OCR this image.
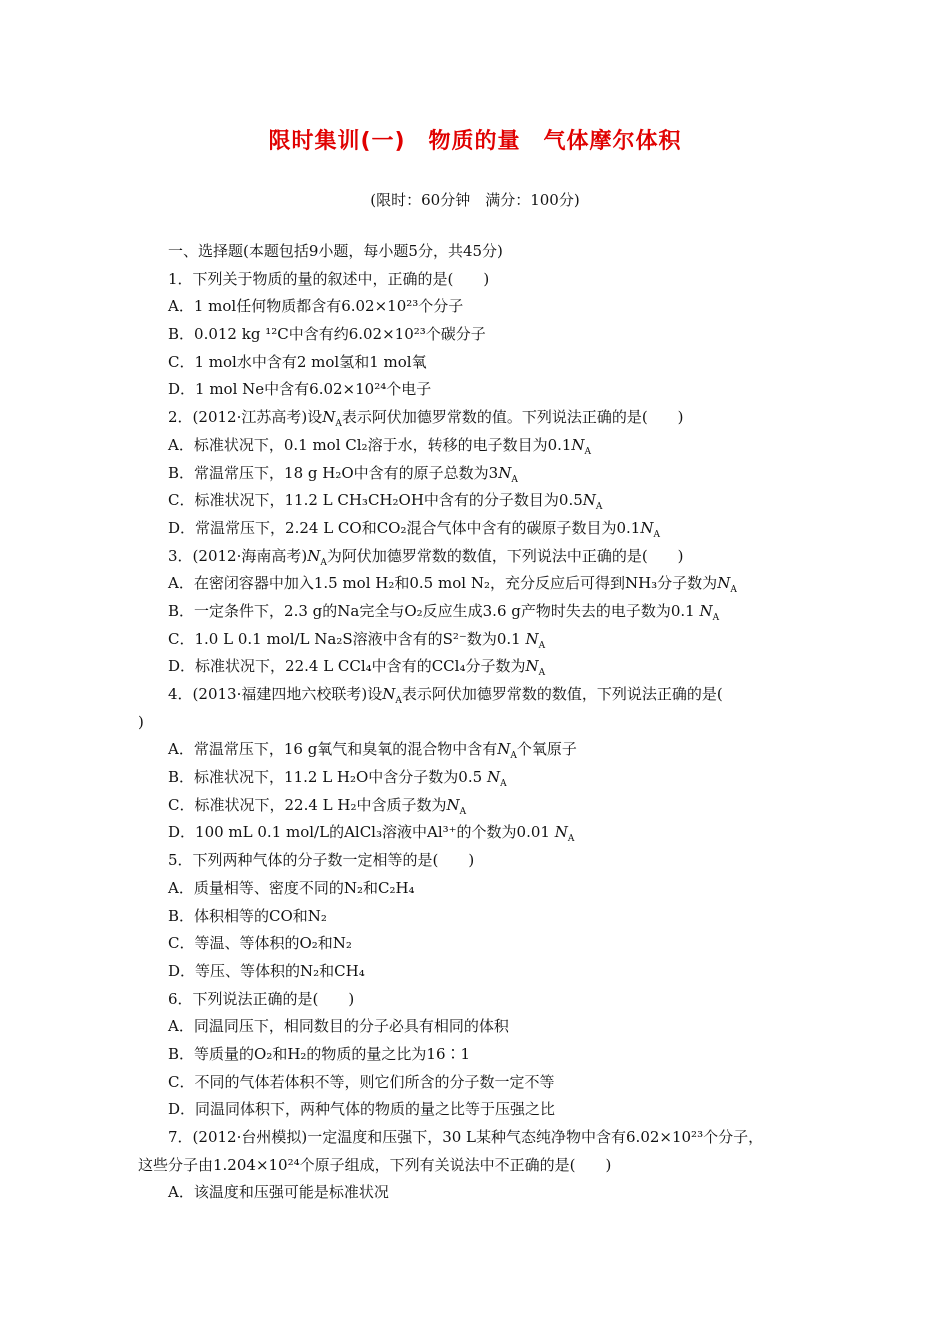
限时集训(一)　物质的量　气体摩尔体积
(限时：60分钟　满分：100分)
一、选择题(本题包括9小题，每小题5分，共45分)
1．下列关于物质的量的叙述中，正确的是(　　)
A．1 mol任何物质都含有6.02×10²³个分子
B．0.012 kg ¹²C中含有约6.02×10²³个碳分子
C．1 mol水中含有2 mol氢和1 mol氧
D．1 mol Ne中含有6.02×10²⁴个电子
2．(2012·江苏高考)设$N_A$表示阿伏加德罗常数的值。下列说法正确的是(　　)
A．标准状况下，0.1 mol Cl₂溶于水，转移的电子数目为$0.1N_A$
B．常温常压下，18 g H₂O中含有的原子总数为$3N_A$
C．标准状况下，11.2 L CH₃CH₂OH中含有的分子数目为$0.5N_A$
D．常温常压下，2.24 L CO和CO₂混合气体中含有的碳原子数目为$0.1N_A$
3．(2012·海南高考)$N_A$为阿伏加德罗常数的数值，下列说法中正确的是(　　)
A．在密闭容器中加入1.5 mol H₂和0.5 mol N₂，充分反应后可得到NH₃分子数为$N_A$
B．一定条件下，2.3 g的Na完全与O₂反应生成3.6 g产物时失去的电子数为0.1 $N_A$
C．1.0 L 0.1 mol/L Na₂S溶液中含有的S²⁻数为0.1 $N_A$
D．标准状况下，22.4 L CCl₄中含有的CCl₄分子数为$N_A$
4．(2013·福建四地六校联考)设$N_A$表示阿伏加德罗常数的数值，下列说法正确的是(
)
A．常温常压下，16 g氧气和臭氧的混合物中含有$N_A$个氧原子
B．标准状况下，11.2 L H₂O中含分子数为0.5 $N_A$
C．标准状况下，22.4 L H₂中含质子数为$N_A$
D．100 mL 0.1 mol/L的AlCl₃溶液中Al³⁺的个数为0.01 $N_A$
5．下列两种气体的分子数一定相等的是(　　)
A．质量相等、密度不同的N₂和C₂H₄
B．体积相等的CO和N₂
C．等温、等体积的O₂和N₂
D．等压、等体积的N₂和CH₄
6．下列说法正确的是(　　)
A．同温同压下，相同数目的分子必具有相同的体积
B．等质量的O₂和H₂的物质的量之比为16∶1
C．不同的气体若体积不等，则它们所含的分子数一定不等
D．同温同体积下，两种气体的物质的量之比等于压强之比
7．(2012·台州模拟)一定温度和压强下，30 L某种气态纯净物中含有6.02×10²³个分子，
这些分子由1.204×10²⁴个原子组成，下列有关说法中不正确的是(　　)
A．该温度和压强可能是标准状况
